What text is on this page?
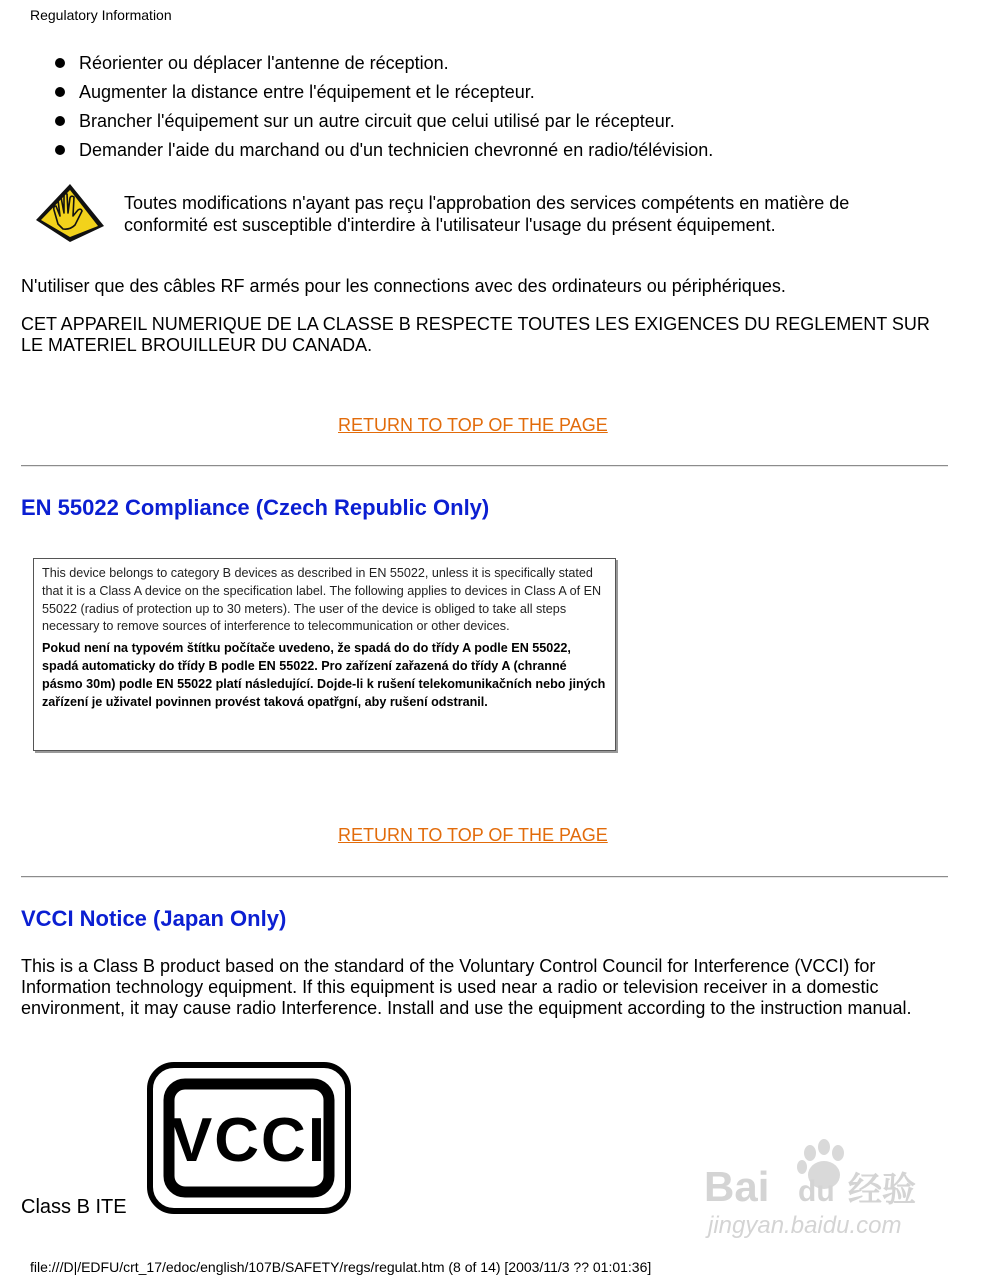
Regulatory Information
Réorienter ou déplacer l'antenne de réception.
Augmenter la distance entre l'équipement et le récepteur.
Brancher l'équipement sur un autre circuit que celui utilisé par le récepteur.
Demander l'aide du marchand ou d'un technicien chevronné en radio/télévision.
Toutes modifications n'ayant pas reçu l'approbation des services compétents en matière de conformité est susceptible d'interdire à l'utilisateur l'usage du présent équipement.
N'utiliser que des câbles RF armés pour les connections avec des ordinateurs ou périphériques.
CET APPAREIL NUMERIQUE DE LA CLASSE B RESPECTE TOUTES LES EXIGENCES DU REGLEMENT SUR LE MATERIEL BROUILLEUR DU CANADA.
RETURN TO TOP OF THE PAGE
EN 55022 Compliance (Czech Republic Only)
This device belongs to category B devices as described in EN 55022, unless it is specifically stated that it is a Class A device on the specification label. The following applies to devices in Class A of EN 55022 (radius of protection up to 30 meters). The user of the device is obliged to take all steps necessary to remove sources of interference to telecommunication or other devices.
Pokud není na typovém štítku počítače uvedeno, že spadá do do třídy A podle EN 55022, spadá automaticky do třídy B podle EN 55022. Pro zařízení zařazená do třídy A (chranné pásmo 30m) podle EN 55022 platí následující. Dojde-li k rušení telekomunikačních nebo jiných zařízení je uživatel povinnen provést taková opatřgní, aby rušení odstranil.
RETURN TO TOP OF THE PAGE
VCCI Notice (Japan Only)
This is a Class B product based on the standard of the Voluntary Control Council for Interference (VCCI) for Information technology equipment. If this equipment is used near a radio or television receiver in a domestic environment, it may cause radio Interference. Install and use the equipment according to the instruction manual.
VCCI
Class B ITE	Bai du 经验
jingyan.baidu.com
file:///D|/EDFU/crt_17/edoc/english/107B/SAFETY/regs/regulat.htm (8 of 14) [2003/11/3 ?? 01:01:36]
